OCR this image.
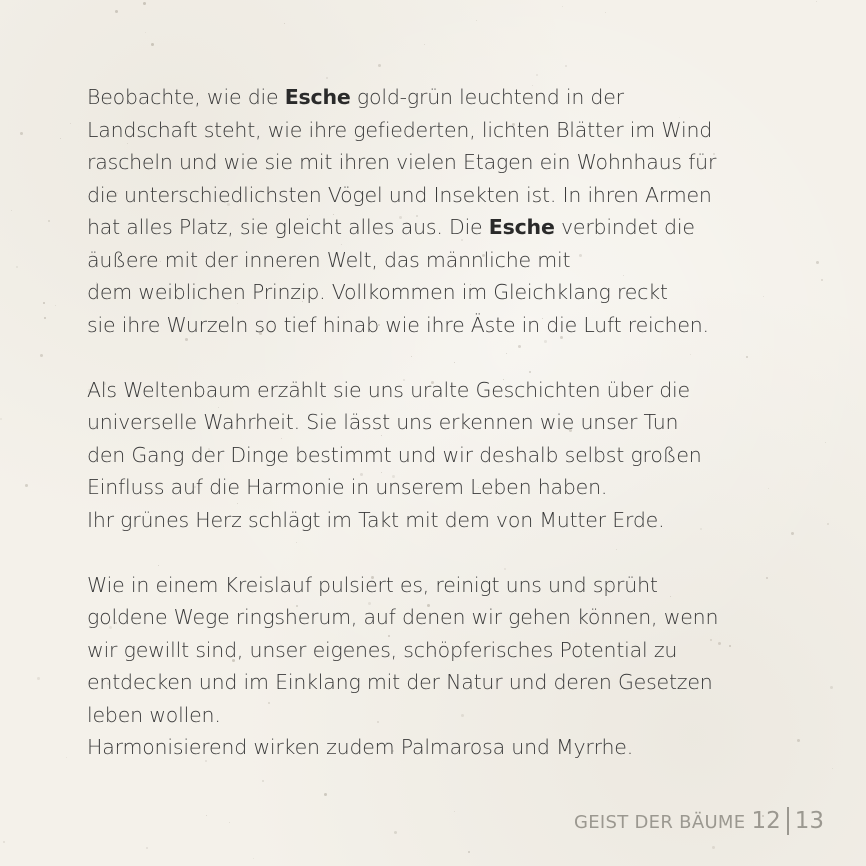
Beobachte, wie die Esche gold-grün leuchtend in der
Landschaft steht, wie ihre gefiederten, lichten Blätter im Wind
rascheln und wie sie mit ihren vielen Etagen ein Wohnhaus für
die unterschiedlichsten Vögel und Insekten ist. In ihren Armen
hat alles Platz, sie gleicht alles aus. Die Esche verbindet die
äußere mit der inneren Welt, das männliche mit
dem weiblichen Prinzip. Vollkommen im Gleichklang reckt
sie ihre Wurzeln so tief hinab wie ihre Äste in die Luft reichen.

Als Weltenbaum erzählt sie uns uralte Geschichten über die
universelle Wahrheit. Sie lässt uns erkennen wie unser Tun
den Gang der Dinge bestimmt und wir deshalb selbst großen
Einfluss auf die Harmonie in unserem Leben haben.
Ihr grünes Herz schlägt im Takt mit dem von Mutter Erde.

Wie in einem Kreislauf pulsiert es, reinigt uns und sprüht
goldene Wege ringsherum, auf denen wir gehen können, wenn
wir gewillt sind, unser eigenes, schöpferisches Potential zu
entdecken und im Einklang mit der Natur und deren Gesetzen
leben wollen.
Harmonisierend wirken zudem Palmarosa und Myrrhe.

GEIST DER BÄUME 12 13
